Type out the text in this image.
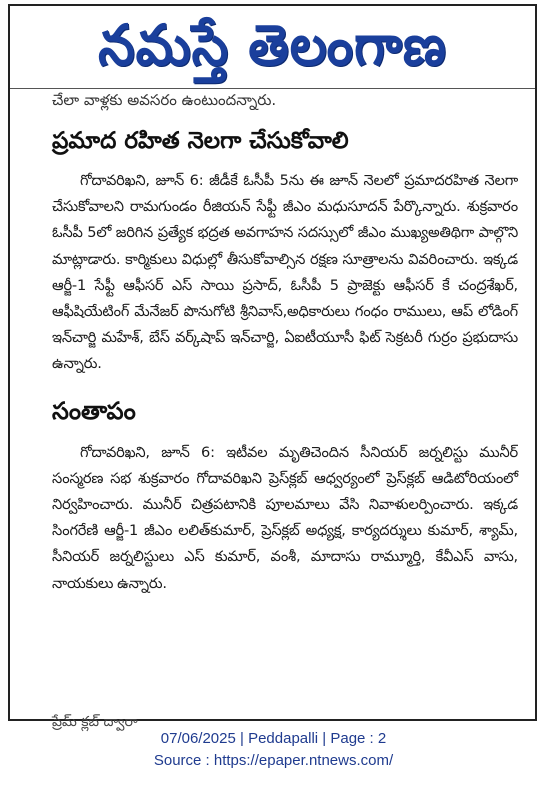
నమస్తే తెలంగాణ
చేలా వాళ్లకు అవసరం ఉంటుందన్నారు.
ప్రమాద రహిత నెలగా చేసుకోవాలి

గోదావరిఖని, జూన్ 6: జీడీకే ఓసీపీ 5ను ఈ జూన్ నెలలో ప్రమాదరహిత నెలగా చేసుకోవాలని రామగుండం రీజియన్ సేఫ్టీ జీఎం మధుసూదన్ పేర్కొన్నారు. శుక్రవారం ఓసీపీ 5లో జరిగిన ప్రత్యేక భద్రత అవగాహన సదస్సులో జీఎం ముఖ్యఅతిథిగా పాల్గొని మాట్లాడారు. కార్మికులు విధుల్లో తీసుకోవాల్సిన రక్షణ సూత్రాలను వివరించారు. ఇక్కడ ఆర్జీ-1 సేఫ్టీ ఆఫీసర్ ఎస్ సాయి ప్రసాద్, ఓసీపీ 5 ప్రాజెక్టు ఆఫీసర్ కే చంద్రశేఖర్, ఆఫీషియేటింగ్ మేనేజర్ పొనుగోటి శ్రీనివాస్,అధికారులు గంధం రాములు, ఆప్ లోడింగ్ ఇన్‌చార్జి మహేశ్, బేస్ వర్క్‌షాప్ ఇన్‌చార్జి, ఏఐటీయూసీ ఫిట్ సెక్రటరీ గుర్రం ప్రభుదాసు ఉన్నారు.

సంతాపం

గోదావరిఖని, జూన్ 6: ఇటీవల మృతిచెందిన సీనియర్ జర్నలిస్టు మునీర్ సంస్మరణ సభ శుక్రవారం గోదావరిఖని ప్రెస్‌క్లబ్ ఆధ్వర్యంలో ప్రెస్‌క్లబ్ ఆడిటోరియంలో నిర్వహించారు. మునీర్ చిత్రపటానికి పూలమాలు వేసి నివాళులర్పించారు. ఇక్కడ సింగరేణి ఆర్జీ-1 జీఎం లలిత్‌కుమార్, ప్రెస్‌క్లబ్ అధ్యక్ష, కార్యదర్శులు కుమార్, శ్యామ్, సీనియర్ జర్నలిస్టులు ఎస్ కుమార్, వంశీ, మాదాసు రామ్మూర్తి, కేవీఎస్ వాసు, నాయకులు ఉన్నారు.

ప్రేమ్ క్లబ్ ద్వారా
07/06/2025 | Peddapalli | Page : 2
Source : https://epaper.ntnews.com/
